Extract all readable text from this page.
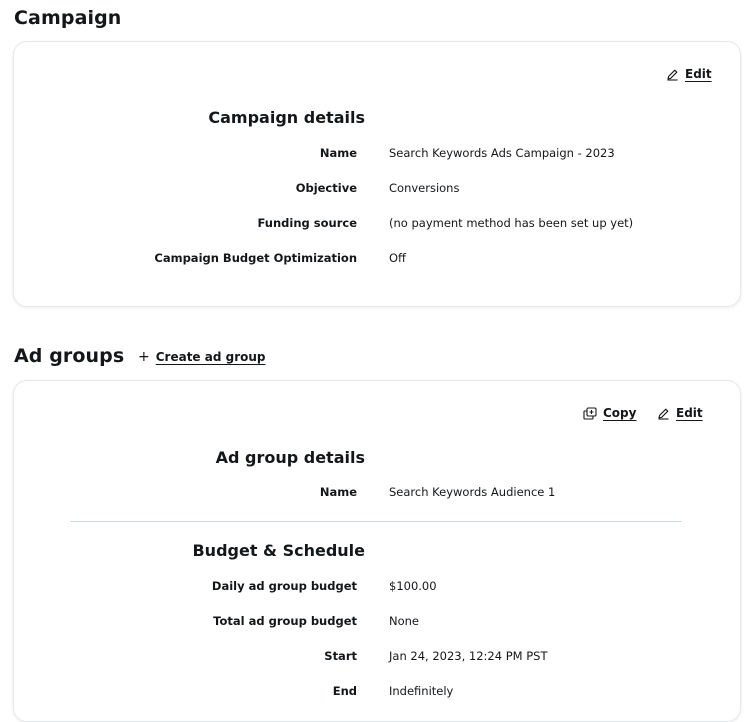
Campaign
Edit
Campaign details
Name	Search Keywords Ads Campaign - 2023
Objective	Conversions
Funding source	(no payment method has been set up yet)
Campaign Budget Optimization	Off
Ad groups + Create ad group
Copy	Edit
Ad group details
Name	Search Keywords Audience 1
Budget & Schedule
Daily ad group budget	$100.00
Total ad group budget	None
Start	Jan 24, 2023, 12:24 PM PST
End	Indefinitely
